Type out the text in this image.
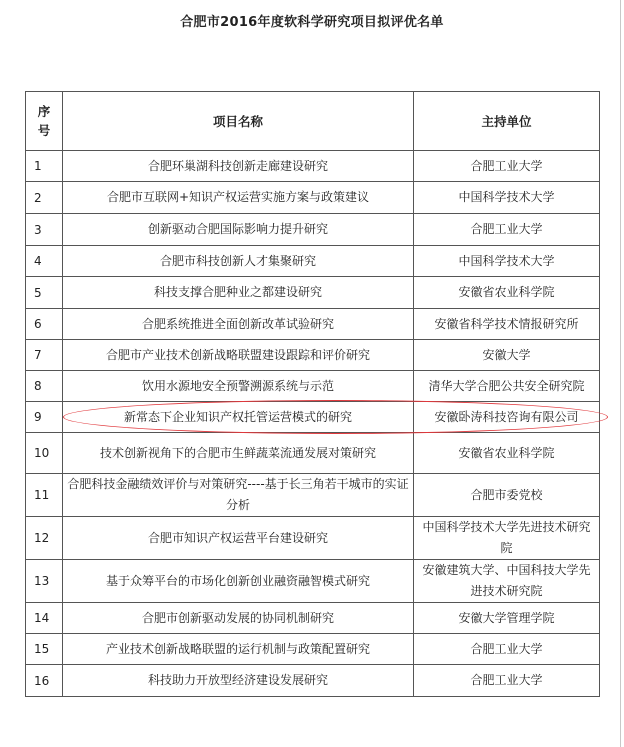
合肥市2016年度软科学研究项目拟评优名单
序号	项目名称	主持单位
1	合肥环巢湖科技创新走廊建设研究	合肥工业大学
2	合肥市互联网+知识产权运营实施方案与政策建议	中国科学技术大学
3	创新驱动合肥国际影响力提升研究	合肥工业大学
4	合肥市科技创新人才集聚研究	中国科学技术大学
5	科技支撑合肥种业之都建设研究	安徽省农业科学院
6	合肥系统推进全面创新改革试验研究	安徽省科学技术情报研究所
7	合肥市产业技术创新战略联盟建设跟踪和评价研究	安徽大学
8	饮用水源地安全预警溯源系统与示范	清华大学合肥公共安全研究院
9	新常态下企业知识产权托管运营模式的研究	安徽卧涛科技咨询有限公司
10	技术创新视角下的合肥市生鲜蔬菜流通发展对策研究	安徽省农业科学院
11	合肥科技金融绩效评价与对策研究----基于长三角若干城市的实证分析	合肥市委党校
12	合肥市知识产权运营平台建设研究	中国科学技术大学先进技术研究院
13	基于众筹平台的市场化创新创业融资融智模式研究	安徽建筑大学、中国科技大学先进技术研究院
14	合肥市创新驱动发展的协同机制研究	安徽大学管理学院
15	产业技术创新战略联盟的运行机制与政策配置研究	合肥工业大学
16	科技助力开放型经济建设发展研究	合肥工业大学
